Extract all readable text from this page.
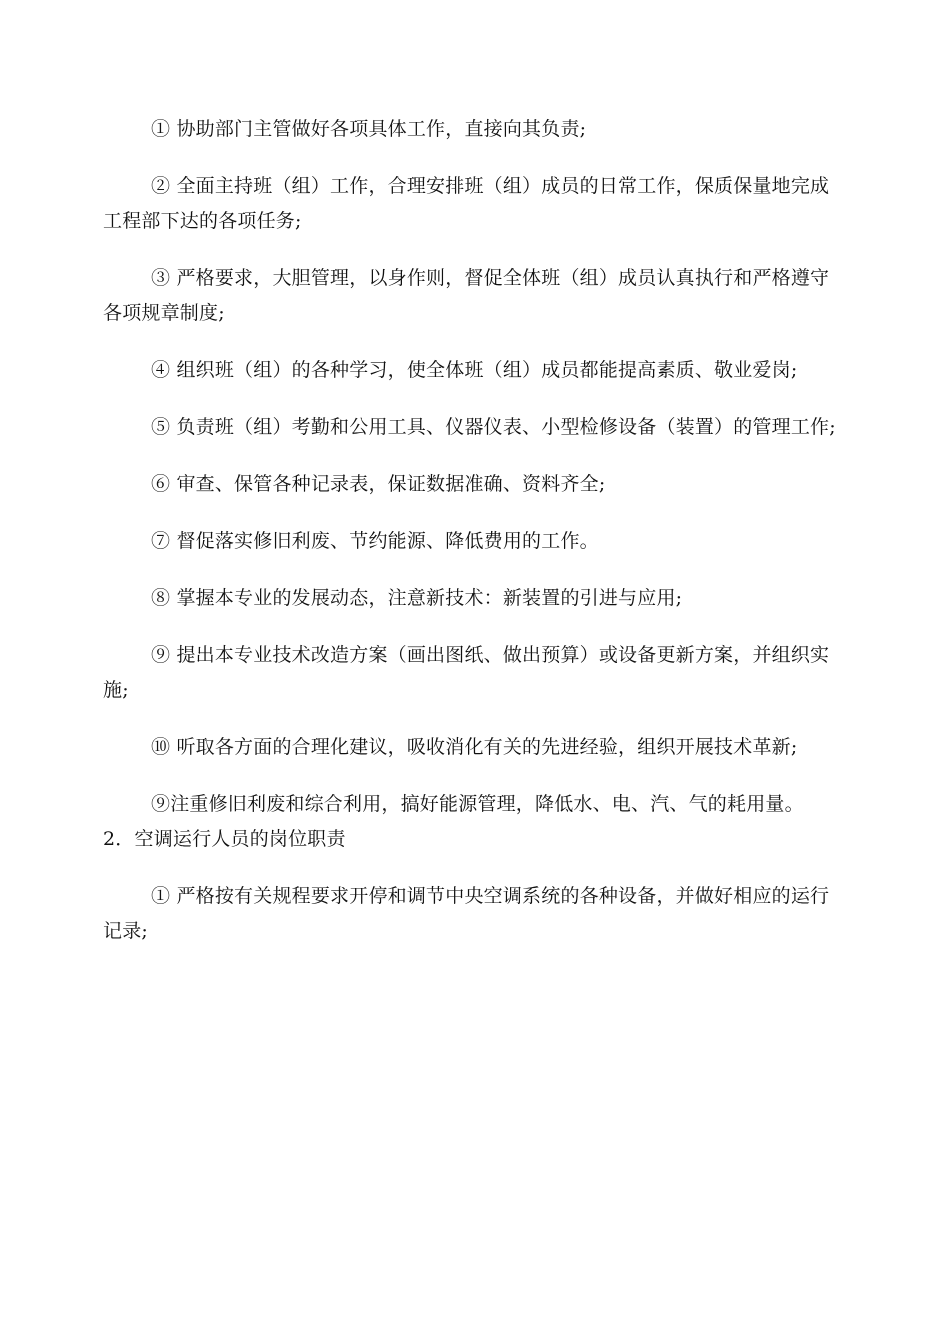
① 协助部门主管做好各项具体工作，直接向其负责;

② 全面主持班（组）工作，合理安排班（组）成员的日常工作，保质保量地完成工程部下达的各项任务;

③ 严格要求，大胆管理，以身作则，督促全体班（组）成员认真执行和严格遵守各项规章制度;

④ 组织班（组）的各种学习，使全体班（组）成员都能提高素质、敬业爱岗;

⑤ 负责班（组）考勤和公用工具、仪器仪表、小型检修设备（装置）的管理工作;

⑥ 审查、保管各种记录表，保证数据准确、资料齐全;

⑦ 督促落实修旧利废、节约能源、降低费用的工作。

⑧ 掌握本专业的发展动态，注意新技术：新装置的引进与应用;

⑨ 提出本专业技术改造方案（画出图纸、做出预算）或设备更新方案，并组织实施;

⑩ 听取各方面的合理化建议，吸收消化有关的先进经验，组织开展技术革新;

⑨注重修旧利废和综合利用，搞好能源管理，降低水、电、汽、气的耗用量。

2．空调运行人员的岗位职责

① 严格按有关规程要求开停和调节中央空调系统的各种设备，并做好相应的运行记录;
